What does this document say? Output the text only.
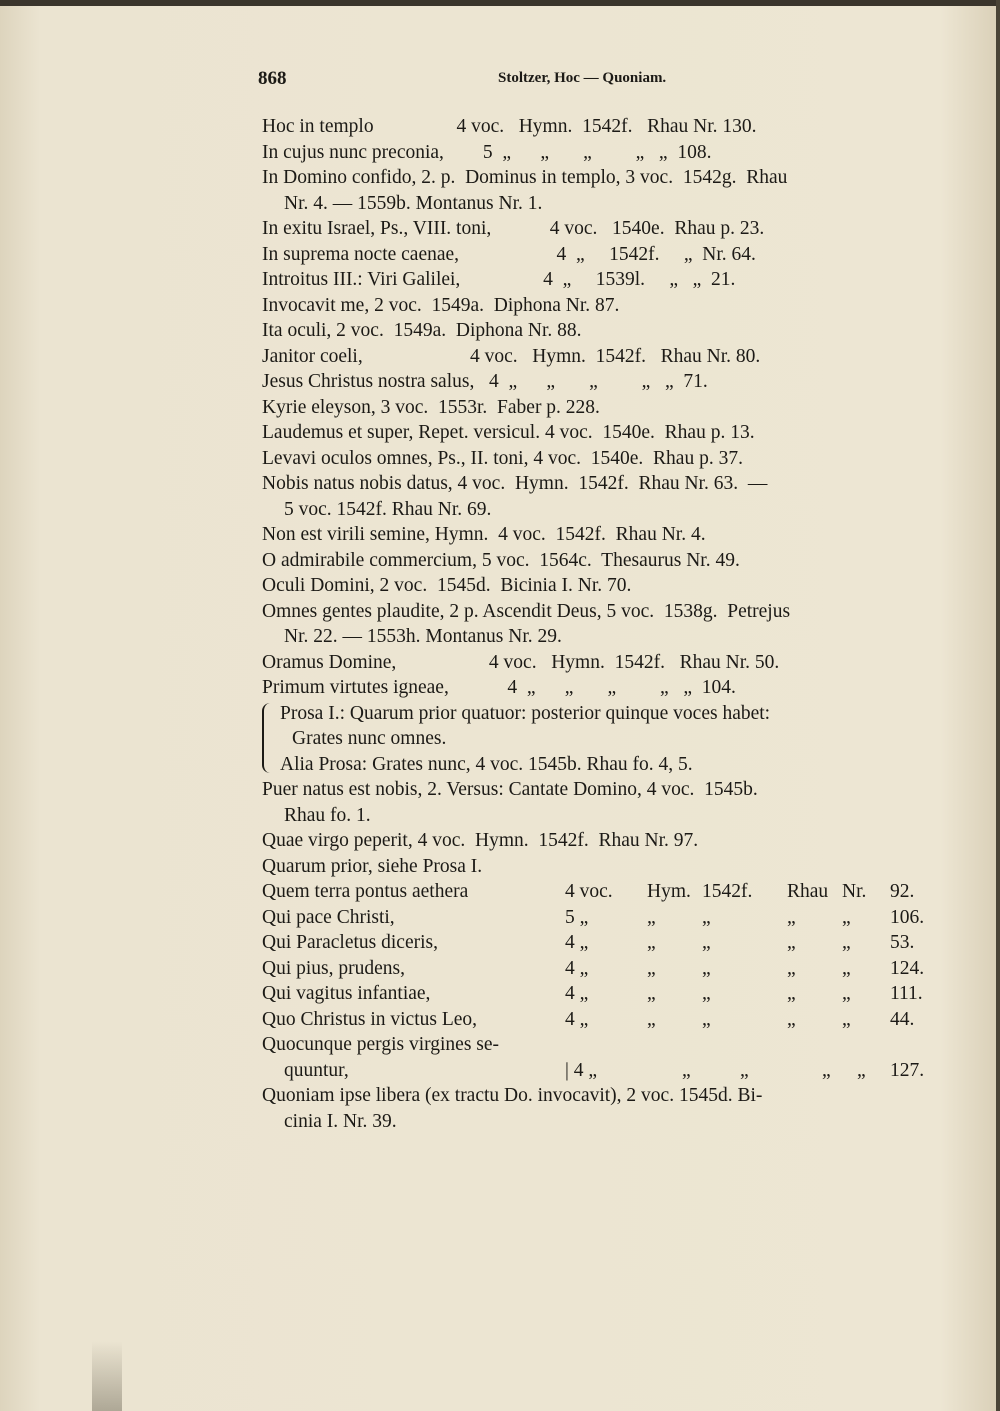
868	Stoltzer, Hoc — Quoniam.
Hoc in templo                 4 voc.   Hymn.  1542f.   Rhau Nr. 130.
In cujus nunc preconia,        5  „      „       „         „   „  108.
In Domino confido, 2. p.  Dominus in templo, 3 voc.  1542g.  Rhau
Nr. 4. — 1559b. Montanus Nr. 1.
In exitu Israel, Ps., VIII. toni,            4 voc.   1540e.  Rhau p. 23.
In suprema nocte caenae,                    4  „     1542f.     „  Nr. 64.
Introitus III.: Viri Galilei,                 4  „     1539l.     „   „  21.
Invocavit me, 2 voc.  1549a.  Diphona Nr. 87.
Ita oculi, 2 voc.  1549a.  Diphona Nr. 88.
Janitor coeli,                      4 voc.   Hymn.  1542f.   Rhau Nr. 80.
Jesus Christus nostra salus,   4  „      „       „         „   „  71.
Kyrie eleyson, 3 voc.  1553r.  Faber p. 228.
Laudemus et super, Repet. versicul. 4 voc.  1540e.  Rhau p. 13.
Levavi oculos omnes, Ps., II. toni, 4 voc.  1540e.  Rhau p. 37.
Nobis natus nobis datus, 4 voc.  Hymn.  1542f.  Rhau Nr. 63.  —
5 voc. 1542f. Rhau Nr. 69.
Non est virili semine, Hymn.  4 voc.  1542f.  Rhau Nr. 4.
O admirabile commercium, 5 voc.  1564c.  Thesaurus Nr. 49.
Oculi Domini, 2 voc.  1545d.  Bicinia I. Nr. 70.
Omnes gentes plaudite, 2 p. Ascendit Deus, 5 voc.  1538g.  Petrejus
Nr. 22. — 1553h. Montanus Nr. 29.
Oramus Domine,                   4 voc.   Hymn.  1542f.   Rhau Nr. 50.
Primum virtutes igneae,            4  „      „       „         „   „  104.
Prosa I.: Quarum prior quatuor: posterior quinque voces habet:
Grates nunc omnes.
Alia Prosa: Grates nunc, 4 voc. 1545b. Rhau fo. 4, 5.
Puer natus est nobis, 2. Versus: Cantate Domino, 4 voc.  1545b.
Rhau fo. 1.
Quae virgo peperit, 4 voc.  Hymn.  1542f.  Rhau Nr. 97.
Quarum prior, siehe Prosa I.
Quem terra pontus aethera	4 voc. Hym. 1542f. Rhau Nr. 92.
Qui pace Christi,	5 „	„ „	„ „ 106.
Qui Paracletus diceris,	4 „	„ „	„ „ 53.
Qui pius, prudens,	4 „	„ „	„ „ 124.
Qui vagitus infantiae,	4 „	„ „	„ „ 111.
Quo Christus in victus Leo,	4 „	„ „	„ „ 44.
Quocunque pergis virgines se-
quuntur,	| 4 „	„	„	„ „ 127.
Quoniam ipse libera (ex tractu Do. invocavit), 2 voc. 1545d. Bi-
cinia I. Nr. 39.
